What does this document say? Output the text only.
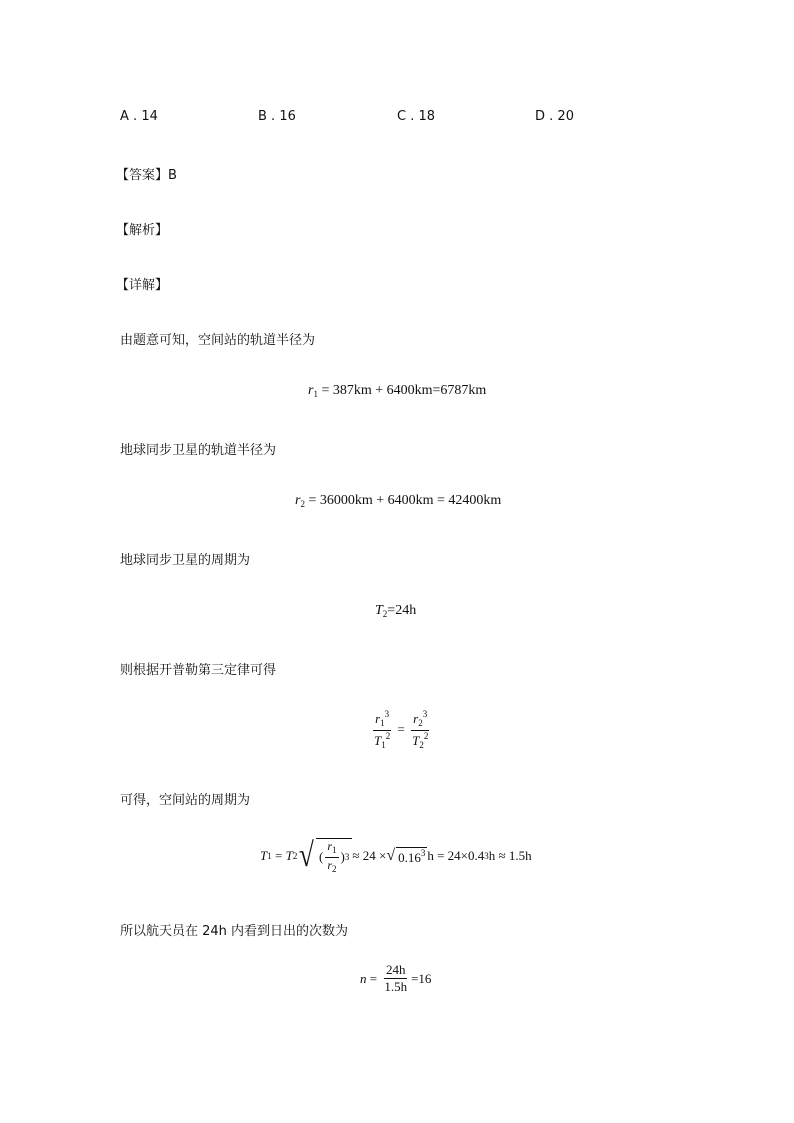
A . 14	B . 16	C . 18	D . 20
【答案】B
【解析】
【详解】
由题意可知，空间站的轨道半径为
$r_1 = 387km + 6400km=6787km$
地球同步卫星的轨道半径为
$r_2 = 36000km + 6400km = 42400km$
地球同步卫星的周期为
$T_2=24h$
则根据开普勒第三定律可得
$\frac{r_1^3}{T_1^2} = \frac{r_2^3}{T_2^2}$
可得，空间站的周期为
T 1 = T 2 √ ( $\frac{r_1}{r_2}$ ) 3 ≈ 24 × √ 0.16$^3$ h = 24×0.4 3 h ≈ 1.5h
所以航天员在 24h 内看到日出的次数为
$n = \frac{24h}{1.5h} =16$
